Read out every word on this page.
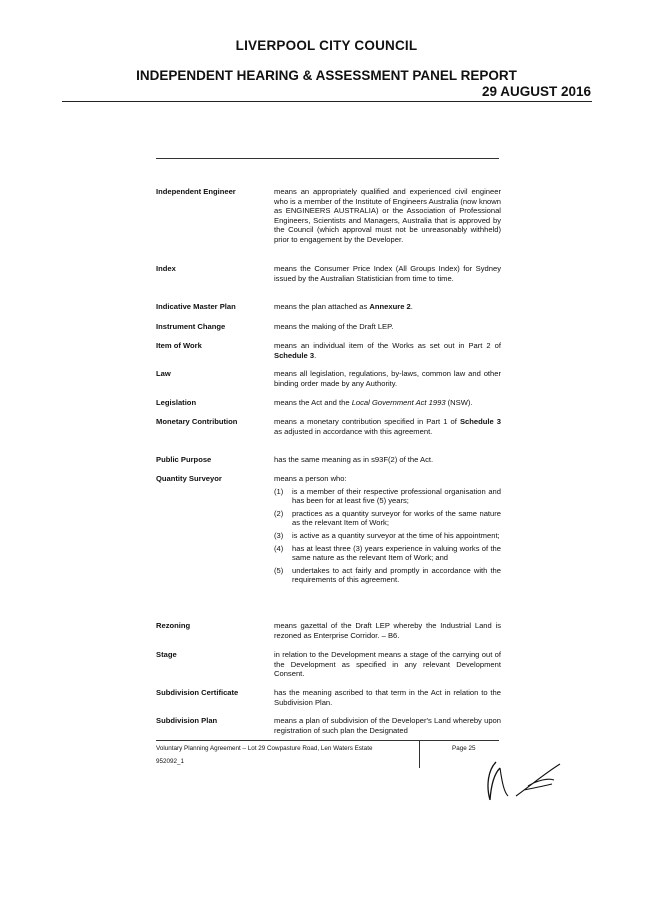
LIVERPOOL CITY COUNCIL
INDEPENDENT HEARING & ASSESSMENT PANEL REPORT
29 AUGUST 2016
Independent Engineer	means an appropriately qualified and experienced civil engineer who is a member of the Institute of Engineers Australia (now known as ENGINEERS AUSTRALIA) or the Association of Professional Engineers, Scientists and Managers, Australia that is approved by the Council (which approval must not be unreasonably withheld) prior to engagement by the Developer.
Index	means the Consumer Price Index (All Groups Index) for Sydney issued by the Australian Statistician from time to time.
Indicative Master Plan	means the plan attached as Annexure 2.
Instrument Change	means the making of the Draft LEP.
Item of Work	means an individual item of the Works as set out in Part 2 of Schedule 3.
Law	means all legislation, regulations, by-laws, common law and other binding order made by any Authority.
Legislation	means the Act and the Local Government Act 1993 (NSW).
Monetary Contribution	means a monetary contribution specified in Part 1 of Schedule 3 as adjusted in accordance with this agreement.
Public Purpose	has the same meaning as in s93F(2) of the Act.
Quantity Surveyor	means a person who:
(1)	is a member of their respective professional organisation and has been for at least five (5) years;
(2)	practices as a quantity surveyor for works of the same nature as the relevant Item of Work;
(3)	is active as a quantity surveyor at the time of his appointment;
(4)	has at least three (3) years experience in valuing works of the same nature as the relevant Item of Work; and
(5)	undertakes to act fairly and promptly in accordance with the requirements of this agreement.
Rezoning	means gazettal of the Draft LEP whereby the Industrial Land is rezoned as Enterprise Corridor. – B6.
Stage	in relation to the Development means a stage of the carrying out of the Development as specified in any relevant Development Consent.
Subdivision Certificate	has the meaning ascribed to that term in the Act in relation to the Subdivision Plan.
Subdivision Plan	means a plan of subdivision of the Developer's Land whereby upon registration of such plan the Designated
Voluntary Planning Agreement – Lot 29 Cowpasture Road, Len Waters Estate	Page 25
952092_1
